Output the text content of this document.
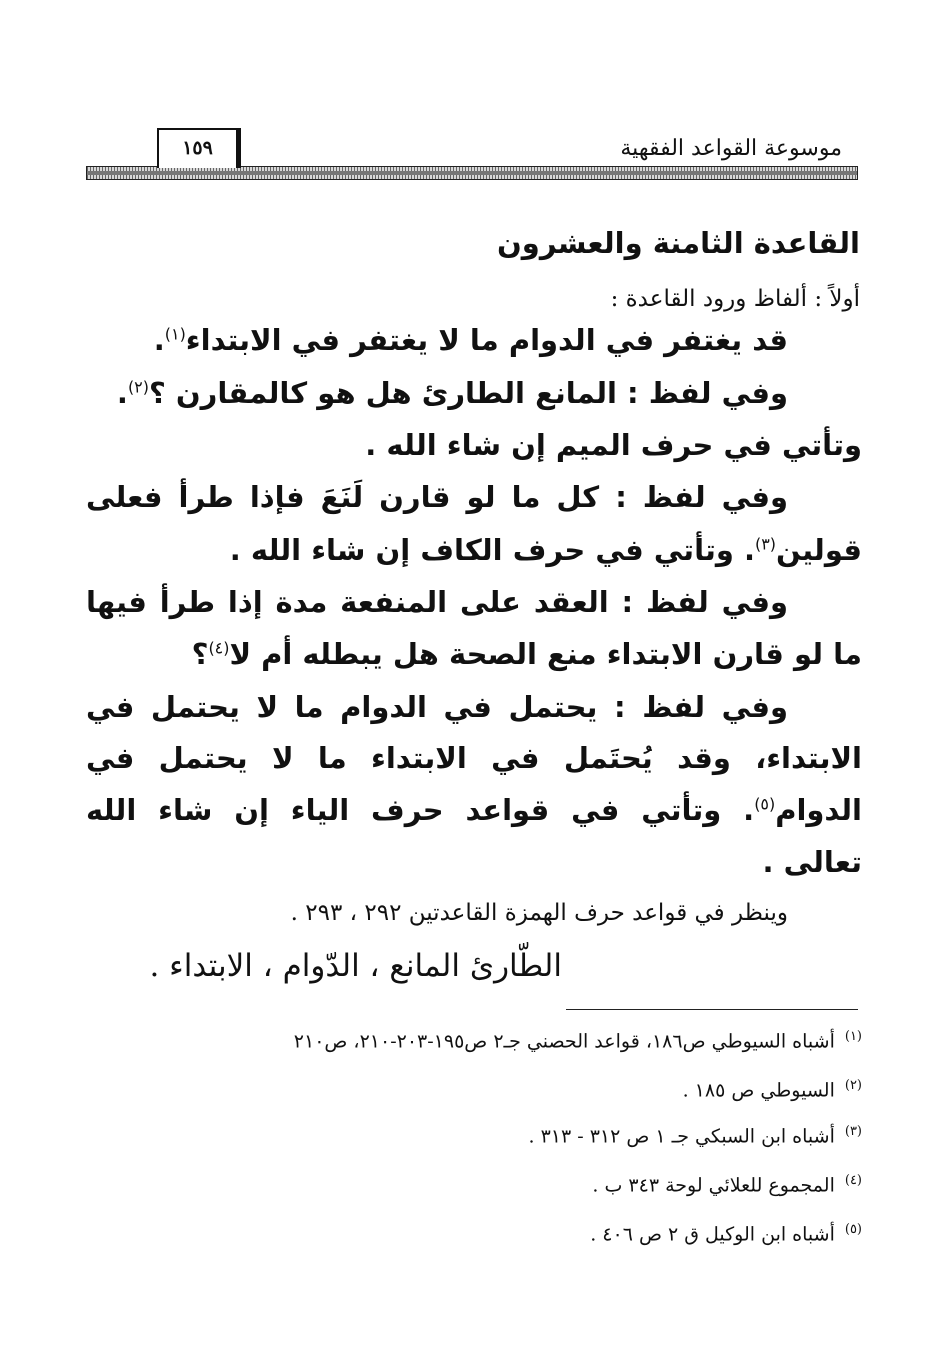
موسوعة القواعد الفقهية
١٥٩
القاعدة الثامنة والعشرون
أولاً : ألفاظ ورود القاعدة :
قد يغتفر في الدوام ما لا يغتفر في الابتداء$^{(١)}$.
وفي لفظ : المانع الطارئ هل هو كالمقارن ؟$^{(٢)}$.
وتأتي في حرف الميم إن شاء الله .
وفي لفظ : كل ما لو قارن لَنَعَ فإذا طرأ فعلى
قولين$^{(٣)}$. وتأتي في حرف الكاف إن شاء الله .
وفي لفظ : العقد على المنفعة مدة إذا طرأ فيها
ما لو قارن الابتداء منع الصحة هل يبطله أم لا$^{(٤)}$؟
وفي لفظ : يحتمل في الدوام ما لا يحتمل في
الابتداء، وقد يُحتَمل في الابتداء ما لا يحتمل في
الدوام$^{(٥)}$. وتأتي في قواعد حرف الياء إن شاء الله
تعالى .
وينظر في قواعد حرف الهمزة القاعدتين ٢٩٢ ، ٢٩٣ .
الطّارئ المانع ، الدّوام ، الابتداء .
$^{(١)}$أشباه السيوطي ص١٨٦، قواعد الحصني جـ٢ ص١٩٥-٢٠٣-٢١٠، ص٢١٠
$^{(٢)}$السيوطي ص ١٨٥ .
$^{(٣)}$أشباه ابن السبكي جـ ١ ص ٣١٢ - ٣١٣ .
$^{(٤)}$المجموع للعلائي لوحة ٣٤٣ ب .
$^{(٥)}$أشباه ابن الوكيل ق ٢ ص ٤٠٦ .
